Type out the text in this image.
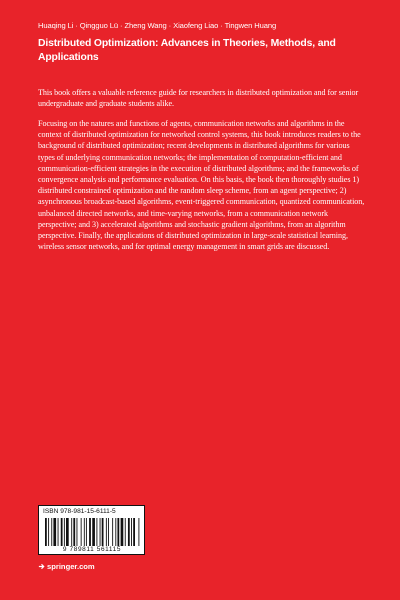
Huaqing Li · Qingguo Lü · Zheng Wang · Xiaofeng Liao · Tingwen Huang
Distributed Optimization: Advances in Theories, Methods, and Applications

This book offers a valuable reference guide for researchers in distributed optimization and for senior undergraduate and graduate students alike.

Focusing on the natures and functions of agents, communication networks and algorithms in the context of distributed optimization for networked control systems, this book introduces readers to the background of distributed optimization; recent developments in distributed algorithms for various types of underlying communication networks; the implementation of computation-efficient and communication-efficient strategies in the execution of distributed algorithms; and the frameworks of convergence analysis and performance evaluation. On this basis, the book then thoroughly studies 1) distributed constrained optimization and the random sleep scheme, from an agent perspective; 2) asynchronous broadcast-based algorithms, event-triggered communication, quantized communication, unbalanced directed networks, and time-varying networks, from a communication network perspective; and 3) accelerated algorithms and stochastic gradient algorithms, from an algorithm perspective. Finally, the applications of distributed optimization in large-scale statistical learning, wireless sensor networks, and for optimal energy management in smart grids are discussed.

ISBN 978-981-15-6111-5
9 789811 561115
springer.com
